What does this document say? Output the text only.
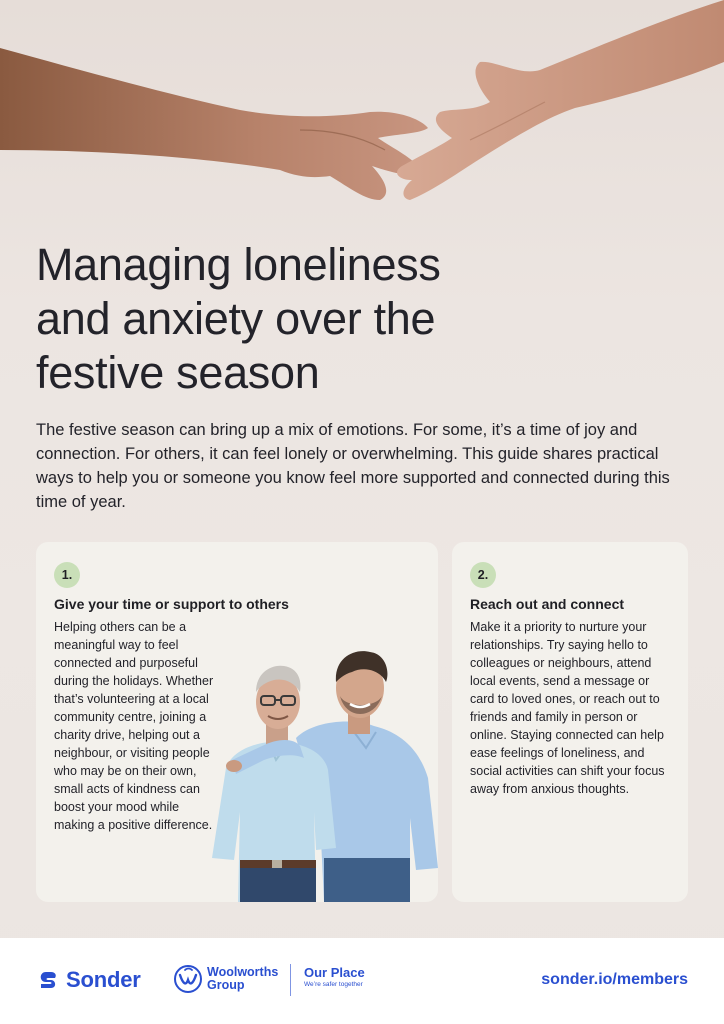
Managing loneliness
and anxiety over the
festive season

The festive season can bring up a mix of emotions. For some, it’s a time of joy and connection. For others, it can feel lonely or overwhelming. This guide shares practical ways to help you or someone you know feel more supported and connected during this time of year.

1.
Give your time or support to others

Helping others can be a meaningful way to feel connected and purposeful during the holidays. Whether that’s volunteering at a local community centre, joining a charity drive, helping out a neighbour, or visiting people who may be on their own, small acts of kindness can boost your mood while making a positive difference.

2.
Reach out and connect

Make it a priority to nurture your relationships. Try saying hello to colleagues or neighbours, attend local events, send a message or card to loved ones, or reach out to friends and family in person or online. Staying connected can help ease feelings of loneliness, and social activities can shift your focus away from anxious thoughts.

Sonder	Woolworths
Group
Our Place
We’re safer together	sonder.io/members
